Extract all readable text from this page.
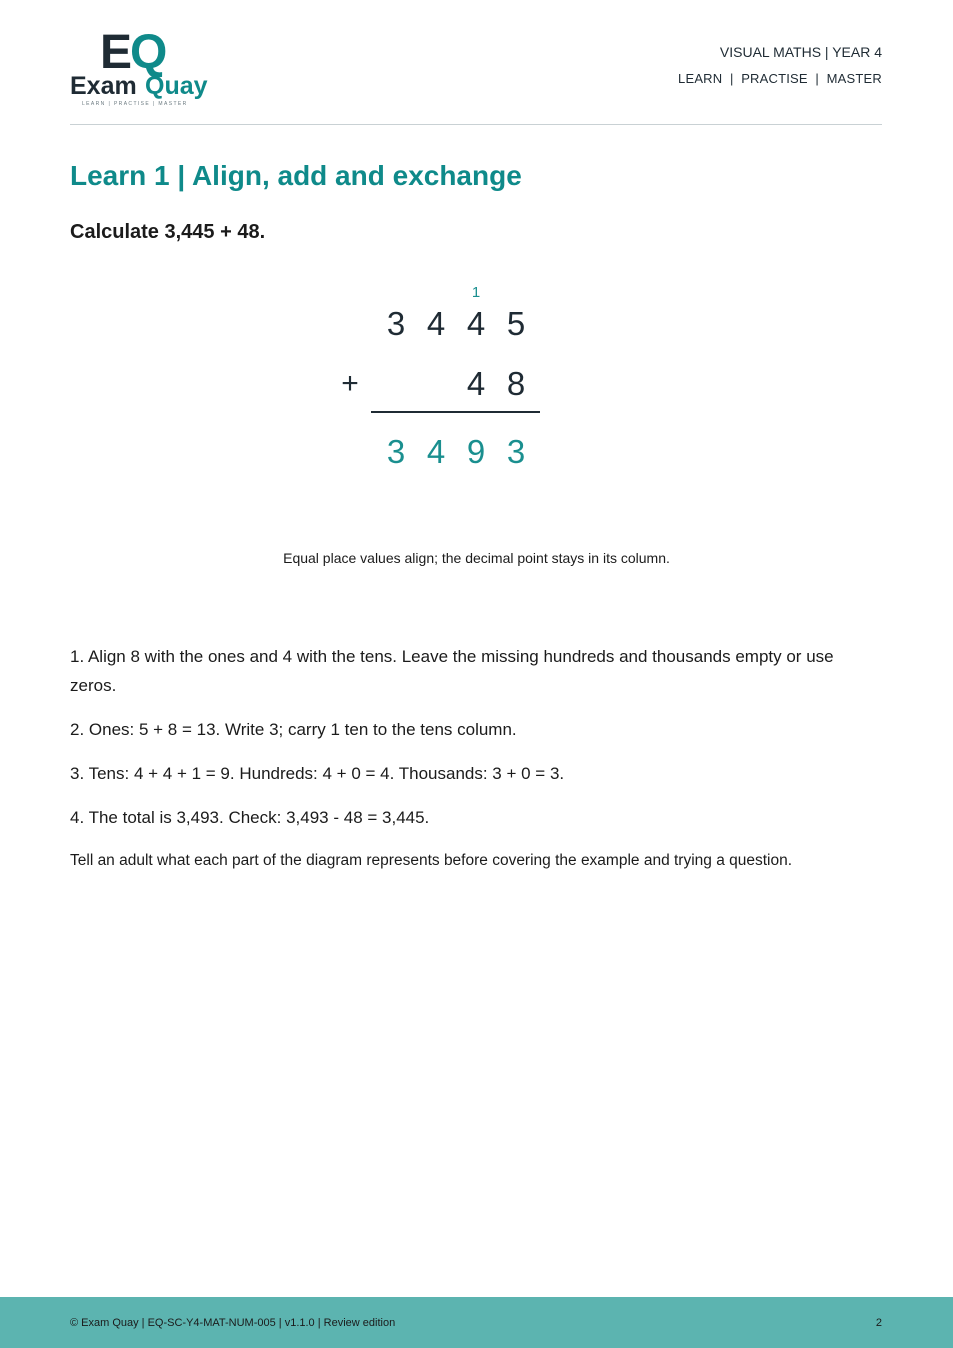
E
Q
Exam Quay
LEARN | PRACTISE | MASTER
VISUAL MATHS | YEAR 4
LEARN  |  PRACTISE  |  MASTER
Learn 1 | Align, add and exchange

Calculate 3,445 + 48.

1
3 4 4 5
+	4 8
3 4 9 3

Equal place values align; the decimal point stays in its column.

1. Align 8 with the ones and 4 with the tens. Leave the missing hundreds and thousands empty or use zeros.
2. Ones: 5 + 8 = 13. Write 3; carry 1 ten to the tens column.
3. Tens: 4 + 4 + 1 = 9. Hundreds: 4 + 0 = 4. Thousands: 3 + 0 = 3.
4. The total is 3,493. Check: 3,493 - 48 = 3,445.

Tell an adult what each part of the diagram represents before covering the example and trying a question.

© Exam Quay | EQ-SC-Y4-MAT-NUM-005 | v1.1.0 | Review edition	2
